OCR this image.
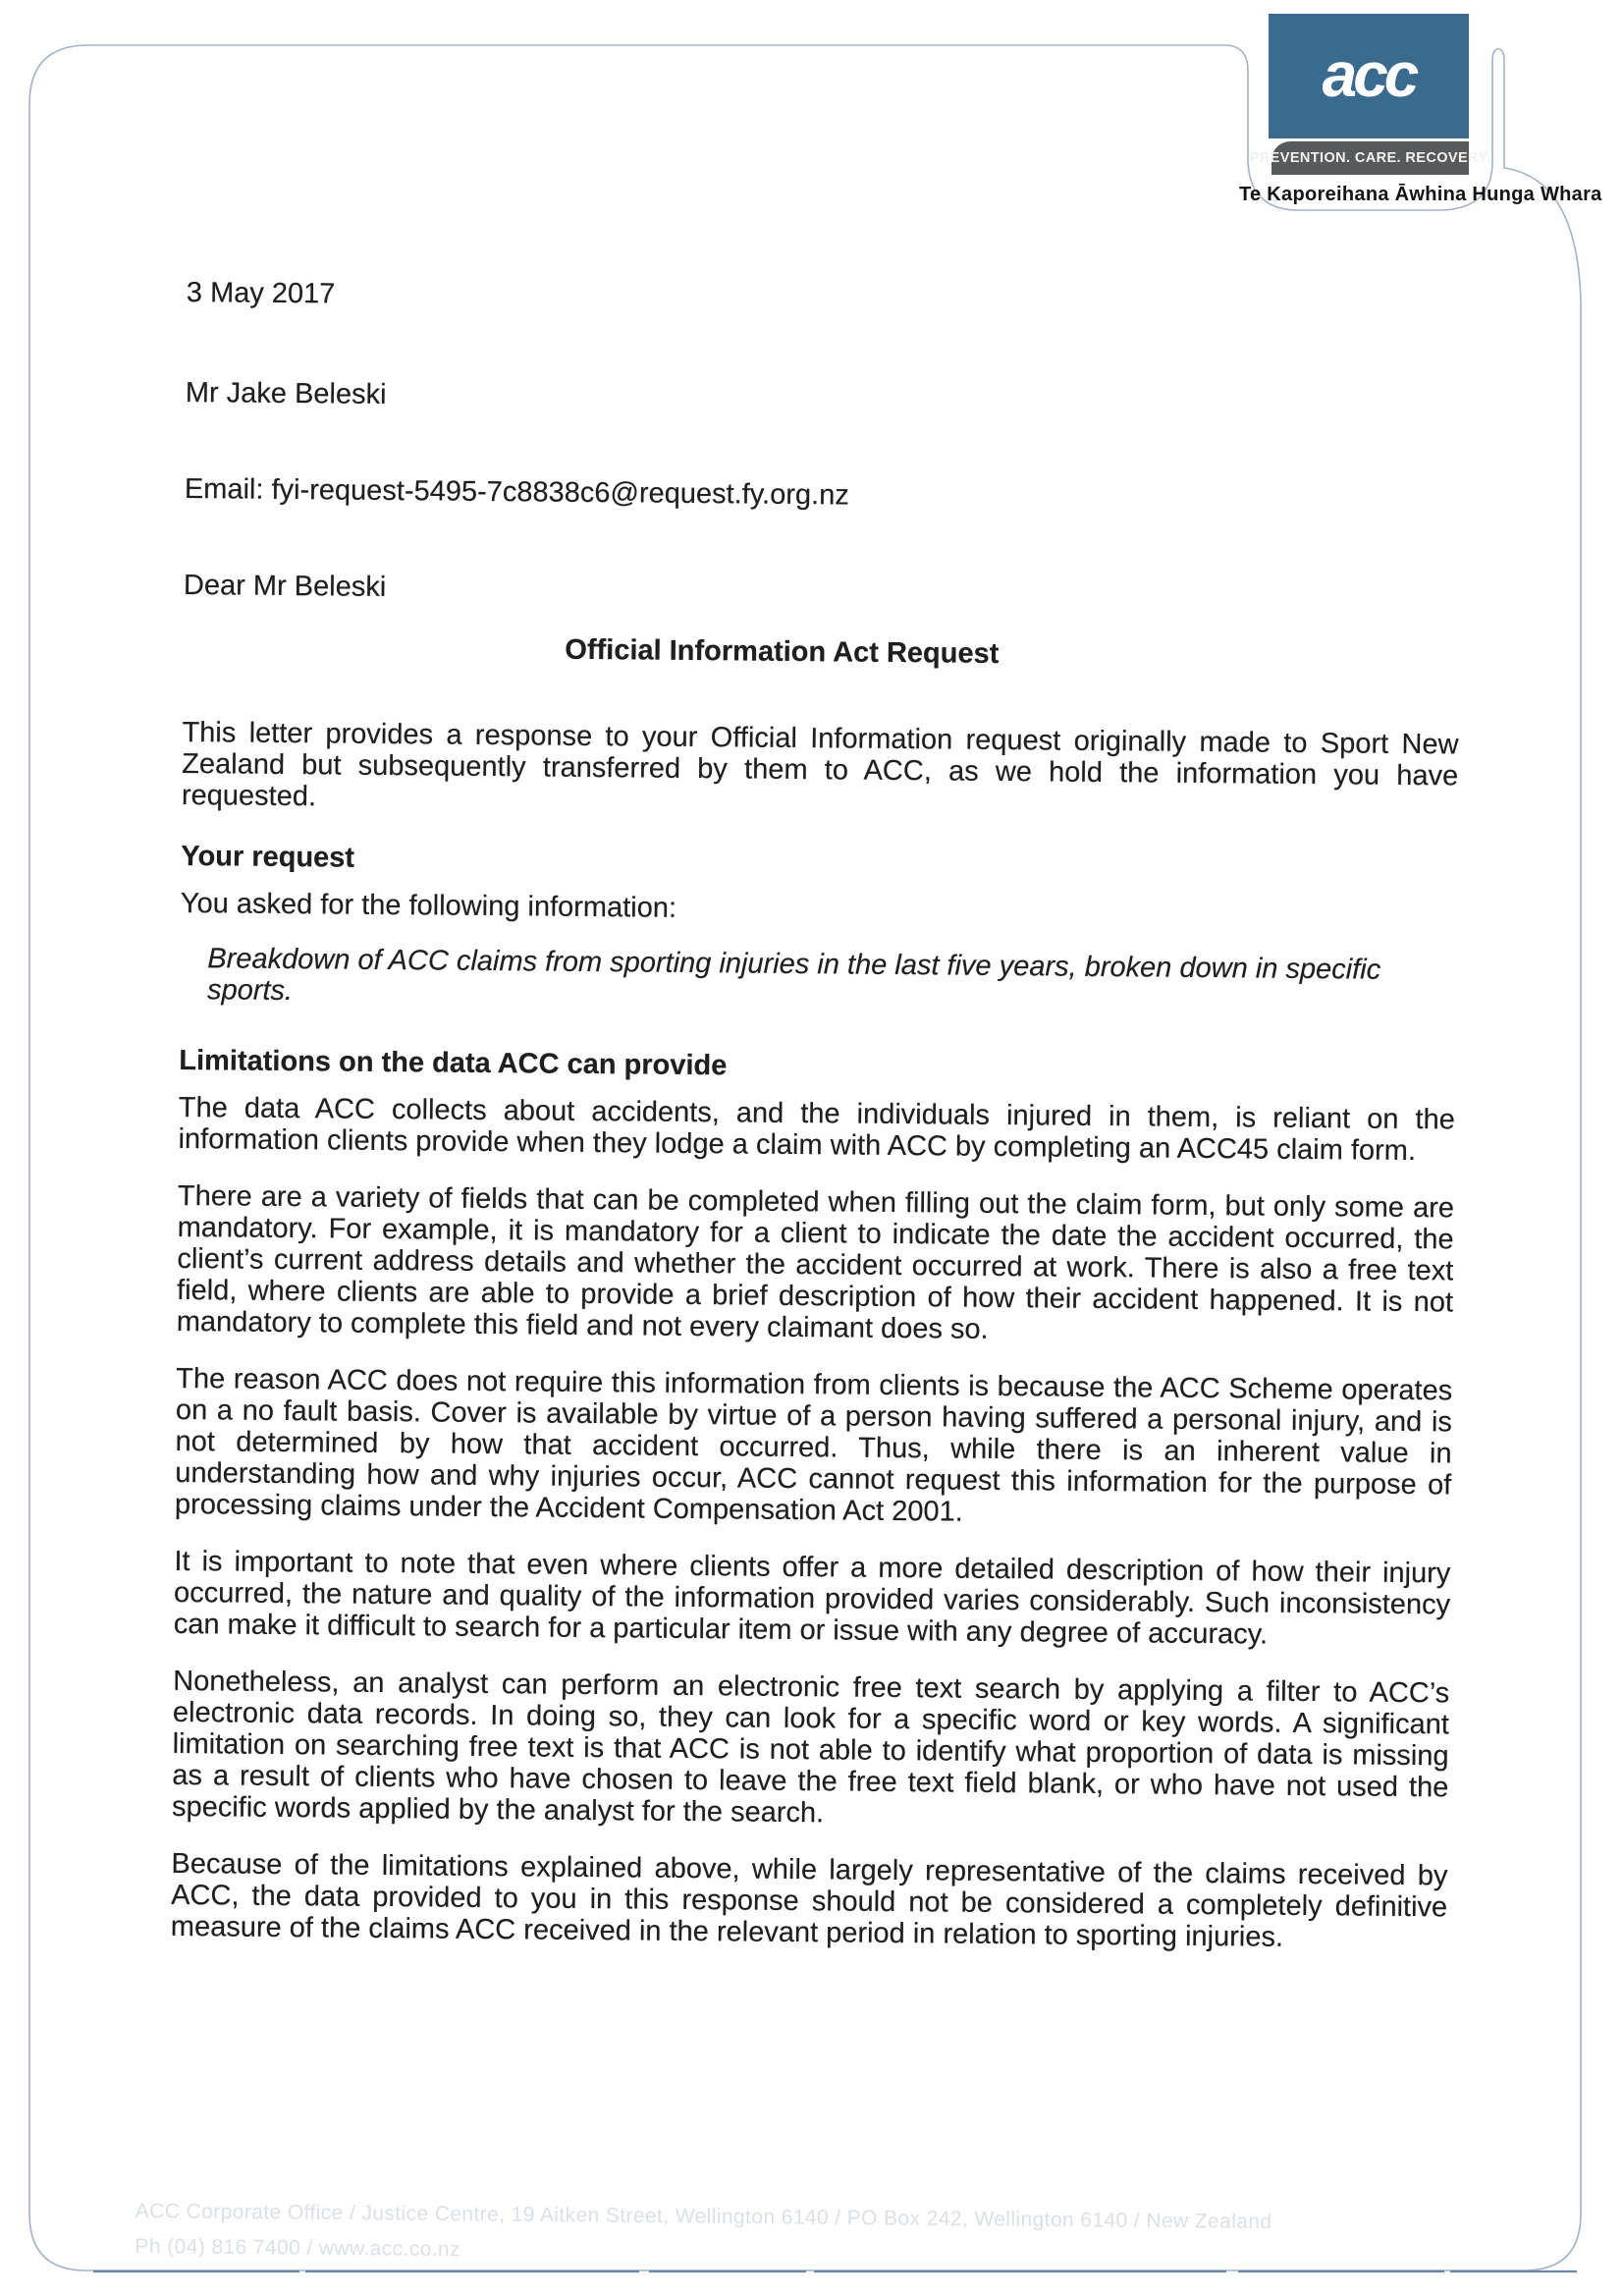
acc
PREVENTION. CARE. RECOVERY.
Te Kaporeihana Āwhina Hunga Whara
3 May 2017
Mr Jake Beleski
Email: fyi-request-5495-7c8838c6@request.fy.org.nz
Dear Mr Beleski
Official Information Act Request

This letter provides a response to your Official Information request originally made to Sport New Zealand but subsequently transferred by them to ACC, as we hold the information you have requested.

Your request
You asked for the following information:
Breakdown of ACC claims from sporting injuries in the last five years, broken down in specific sports.
Limitations on the data ACC can provide

The data ACC collects about accidents, and the individuals injured in them, is reliant on the information clients provide when they lodge a claim with ACC by completing an ACC45 claim form.

There are a variety of fields that can be completed when filling out the claim form, but only some are mandatory. For example, it is mandatory for a client to indicate the date the accident occurred, the client’s current address details and whether the accident occurred at work. There is also a free text field, where clients are able to provide a brief description of how their accident happened. It is not mandatory to complete this field and not every claimant does so.

The reason ACC does not require this information from clients is because the ACC Scheme operates on a no fault basis. Cover is available by virtue of a person having suffered a personal injury, and is not determined by how that accident occurred. Thus, while there is an inherent value in understanding how and why injuries occur, ACC cannot request this information for the purpose of processing claims under the Accident Compensation Act 2001.

It is important to note that even where clients offer a more detailed description of how their injury occurred, the nature and quality of the information provided varies considerably. Such inconsistency can make it difficult to search for a particular item or issue with any degree of accuracy.

Nonetheless, an analyst can perform an electronic free text search by applying a filter to ACC’s electronic data records. In doing so, they can look for a specific word or key words. A significant limitation on searching free text is that ACC is not able to identify what proportion of data is missing as a result of clients who have chosen to leave the free text field blank, or who have not used the specific words applied by the analyst for the search.

Because of the limitations explained above, while largely representative of the claims received by ACC, the data provided to you in this response should not be considered a completely definitive measure of the claims ACC received in the relevant period in relation to sporting injuries.

ACC Corporate Office / Justice Centre, 19 Aitken Street, Wellington 6140 / PO Box 242, Wellington 6140 / New Zealand
Ph (04) 816 7400 / www.acc.co.nz
